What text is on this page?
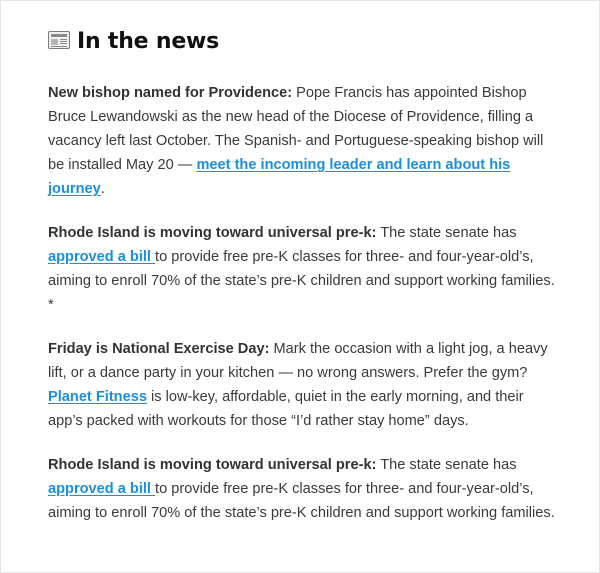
In the news

New bishop named for Providence: Pope Francis has appointed Bishop Bruce Lewandowski as the new head of the Diocese of Providence, filling a vacancy left last October. The Spanish- and Portuguese-speaking bishop will be installed May 20 — meet the incoming leader and learn about his journey.

Rhode Island is moving toward universal pre-k: The state senate has approved a bill to provide free pre-K classes for three- and four-year-old’s, aiming to enroll 70% of the state’s pre-K children and support working families. *

Friday is National Exercise Day: Mark the occasion with a light jog, a heavy lift, or a dance party in your kitchen — no wrong answers. Prefer the gym? Planet Fitness is low-key, affordable, quiet in the early morning, and their app’s packed with workouts for those “I’d rather stay home” days.

Rhode Island is moving toward universal pre-k: The state senate has approved a bill to provide free pre-K classes for three- and four-year-old’s, aiming to enroll 70% of the state’s pre-K children and support working families.
